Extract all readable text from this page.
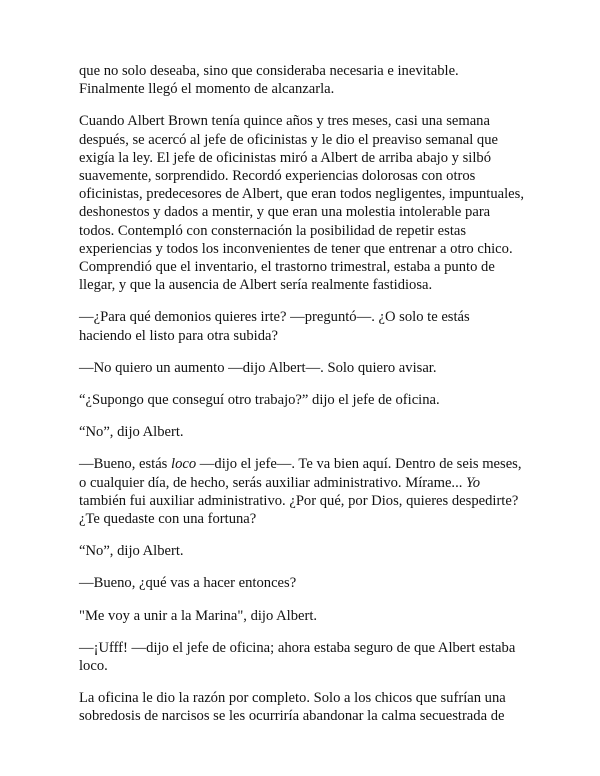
que no solo deseaba, sino que consideraba necesaria e inevitable.
Finalmente llegó el momento de alcanzarla.

Cuando Albert Brown tenía quince años y tres meses, casi una semana
después, se acercó al jefe de oficinistas y le dio el preaviso semanal que
exigía la ley. El jefe de oficinistas miró a Albert de arriba abajo y silbó
suavemente, sorprendido. Recordó experiencias dolorosas con otros
oficinistas, predecesores de Albert, que eran todos negligentes, impuntuales,
deshonestos y dados a mentir, y que eran una molestia intolerable para
todos. Contempló con consternación la posibilidad de repetir estas
experiencias y todos los inconvenientes de tener que entrenar a otro chico.
Comprendió que el inventario, el trastorno trimestral, estaba a punto de
llegar, y que la ausencia de Albert sería realmente fastidiosa.

—¿Para qué demonios quieres irte? —preguntó—. ¿O solo te estás
haciendo el listo para otra subida?

—No quiero un aumento —dijo Albert—. Solo quiero avisar.

“¿Supongo que conseguí otro trabajo?” dijo el jefe de oficina.

“No”, dijo Albert.

—Bueno, estás loco —dijo el jefe—. Te va bien aquí. Dentro de seis meses,
o cualquier día, de hecho, serás auxiliar administrativo. Mírame... Yo
también fui auxiliar administrativo. ¿Por qué, por Dios, quieres despedirte?
¿Te quedaste con una fortuna?

“No”, dijo Albert.

—Bueno, ¿qué vas a hacer entonces?

"Me voy a unir a la Marina", dijo Albert.

—¡Ufff! —dijo el jefe de oficina; ahora estaba seguro de que Albert estaba
loco.

La oficina le dio la razón por completo. Solo a los chicos que sufrían una
sobredosis de narcisos se les ocurriría abandonar la calma secuestrada de
